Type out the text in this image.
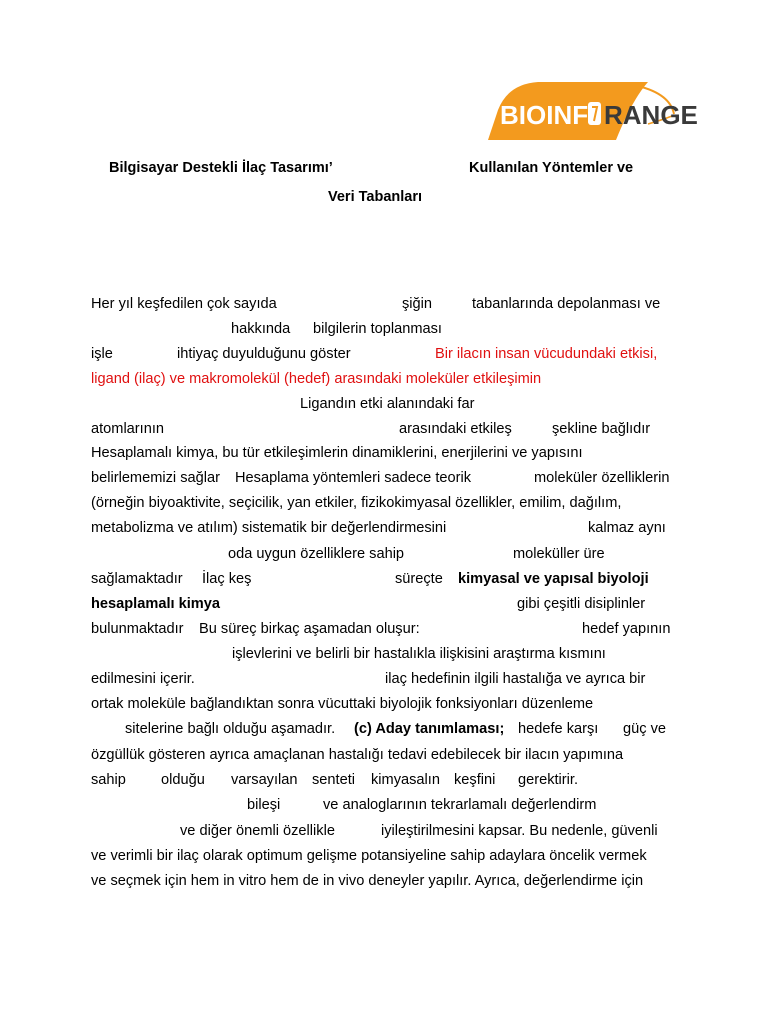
BIOINF RANGE
Bilgisayar Destekli İlaç Tasarımı’	Kullanılan Yöntemler ve
Veri Tabanları
Her yıl keşfedilen çok sayıda	şiğin	tabanlarında depolanması ve
hakkında bilgilerin toplanması
işle	ihtiyaç duyulduğunu göster	Bir ilacın insan vücudundaki etkisi,
ligand (ilaç) ve makromolekül (hedef) arasındaki moleküler etkileşimin
Ligandın etki alanındaki far
atomlarının	arasındaki etkileş	şekline bağlıdır
Hesaplamalı kimya, bu tür etkileşimlerin dinamiklerini, enerjilerini ve yapısını
belirlememizi sağlar Hesaplama yöntemleri sadece teorik	moleküler özelliklerin
(örneğin biyoaktivite, seçicilik, yan etkiler, fizikokimyasal özellikler, emilim, dağılım,
metabolizma ve atılım) sistematik bir değerlendirmesini	kalmaz aynı
oda uygun özelliklere sahip	moleküller üre
sağlamaktadır İlaç keş	süreçte kimyasal ve yapısal biyoloji
hesaplamalı kimya	gibi çeşitli disiplinler
bulunmaktadır Bu süreç birkaç aşamadan oluşur:	hedef yapının
işlevlerini ve belirli bir hastalıkla ilişkisini araştırma kısmını
edilmesini içerir.	ilaç hedefinin ilgili hastalığa ve ayrıca bir
ortak moleküle bağlandıktan sonra vücuttaki biyolojik fonksiyonları düzenleme
sitelerine bağlı olduğu aşamadır. (c) Aday tanımlaması; hedefe karşı güç ve
özgüllük gösteren ayrıca amaçlanan hastalığı tedavi edebilecek bir ilacın yapımına
sahip olduğu varsayılan senteti kimyasalın keşfini gerektirir.
bileşi	ve analoglarının tekrarlamalı değerlendirm
ve diğer önemli özellikle	iyileştirilmesini kapsar. Bu nedenle, güvenli
ve verimli bir ilaç olarak optimum gelişme potansiyeline sahip adaylara öncelik vermek
ve seçmek için hem in vitro hem de in vivo deneyler yapılır. Ayrıca, değerlendirme için
